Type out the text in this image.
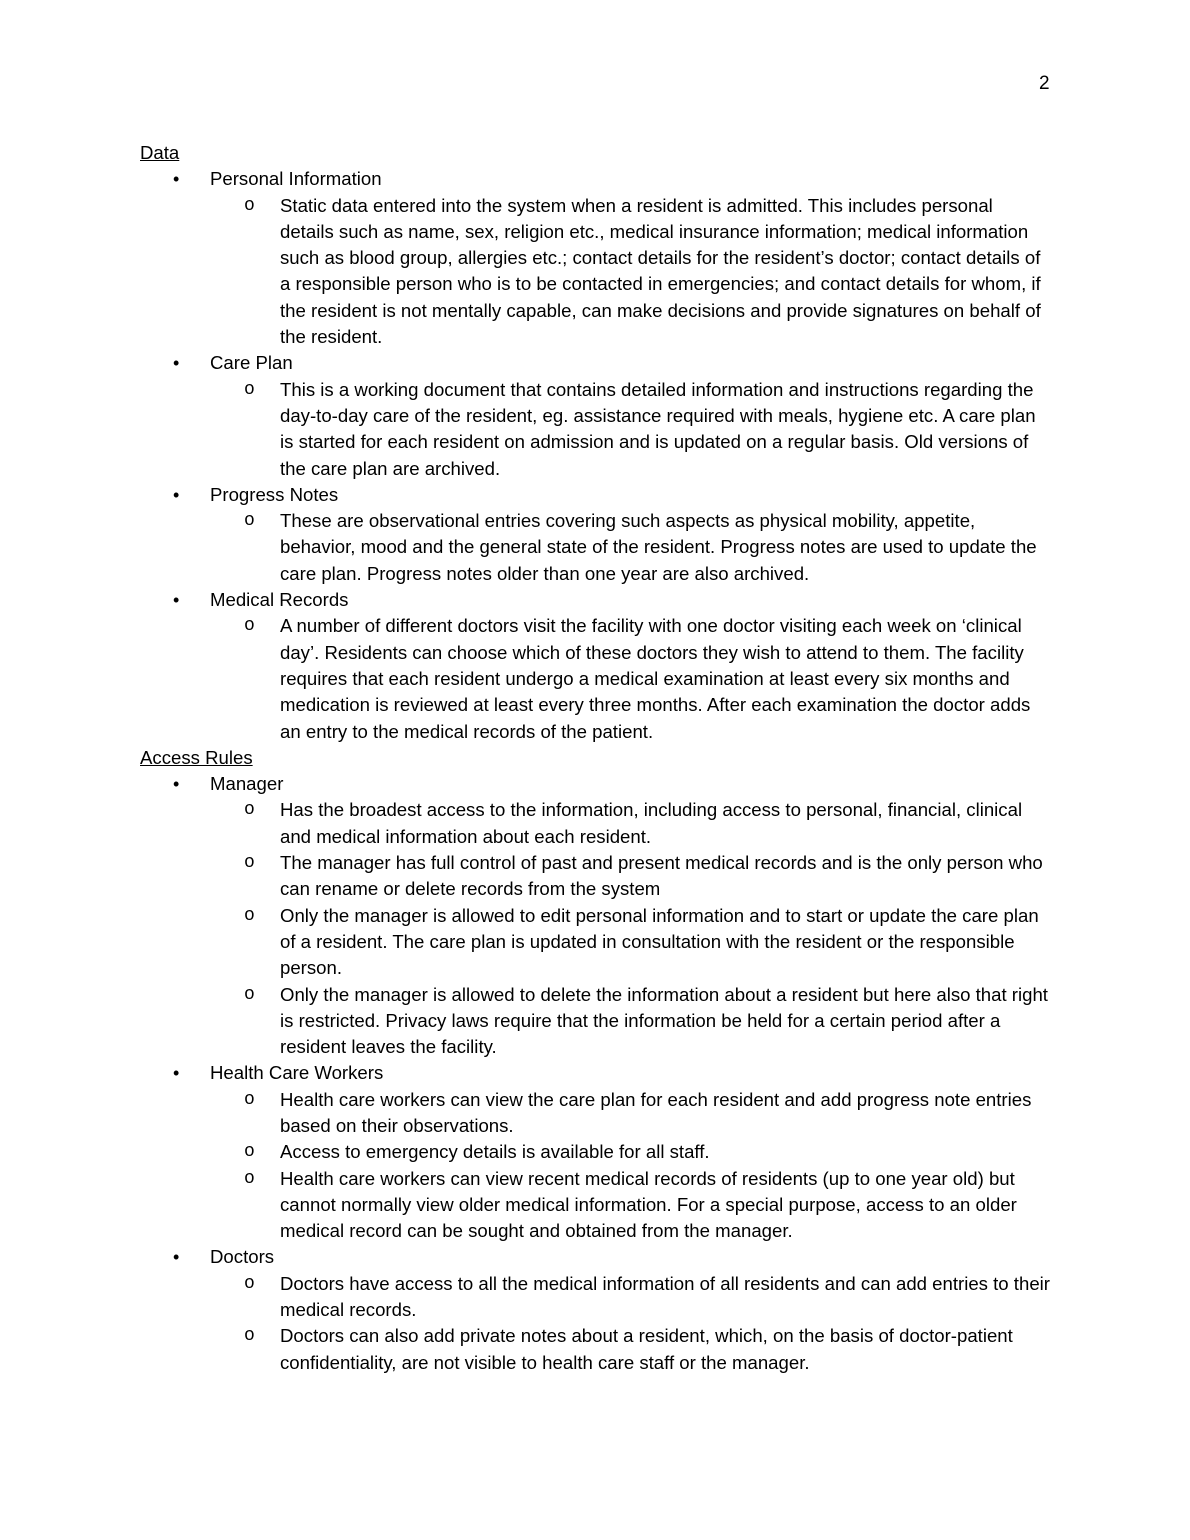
2
Data
• Personal Information
o Static data entered into the system when a resident is admitted. This includes personal details such as name, sex, religion etc., medical insurance information; medical information such as blood group, allergies etc.; contact details for the resident’s doctor; contact details of a responsible person who is to be contacted in emergencies; and contact details for whom, if the resident is not mentally capable, can make decisions and provide signatures on behalf of the resident.
• Care Plan
o This is a working document that contains detailed information and instructions regarding the day-to-day care of the resident, eg. assistance required with meals, hygiene etc. A care plan is started for each resident on admission and is updated on a regular basis. Old versions of the care plan are archived.
• Progress Notes
o These are observational entries covering such aspects as physical mobility, appetite, behavior, mood and the general state of the resident. Progress notes are used to update the care plan. Progress notes older than one year are also archived.
• Medical Records
o A number of different doctors visit the facility with one doctor visiting each week on ‘clinical day’. Residents can choose which of these doctors they wish to attend to them. The facility requires that each resident undergo a medical examination at least every six months and medication is reviewed at least every three months. After each examination the doctor adds an entry to the medical records of the patient.
Access Rules
• Manager
o Has the broadest access to the information, including access to personal, financial, clinical and medical information about each resident.
o The manager has full control of past and present medical records and is the only person who can rename or delete records from the system
o Only the manager is allowed to edit personal information and to start or update the care plan of a resident. The care plan is updated in consultation with the resident or the responsible person.
o Only the manager is allowed to delete the information about a resident but here also that right is restricted. Privacy laws require that the information be held for a certain period after a resident leaves the facility.
• Health Care Workers
o Health care workers can view the care plan for each resident and add progress note entries based on their observations.
o Access to emergency details is available for all staff.
o Health care workers can view recent medical records of residents (up to one year old) but cannot normally view older medical information. For a special purpose, access to an older medical record can be sought and obtained from the manager.
• Doctors
o Doctors have access to all the medical information of all residents and can add entries to their medical records.
o Doctors can also add private notes about a resident, which, on the basis of doctor-patient confidentiality, are not visible to health care staff or the manager.
